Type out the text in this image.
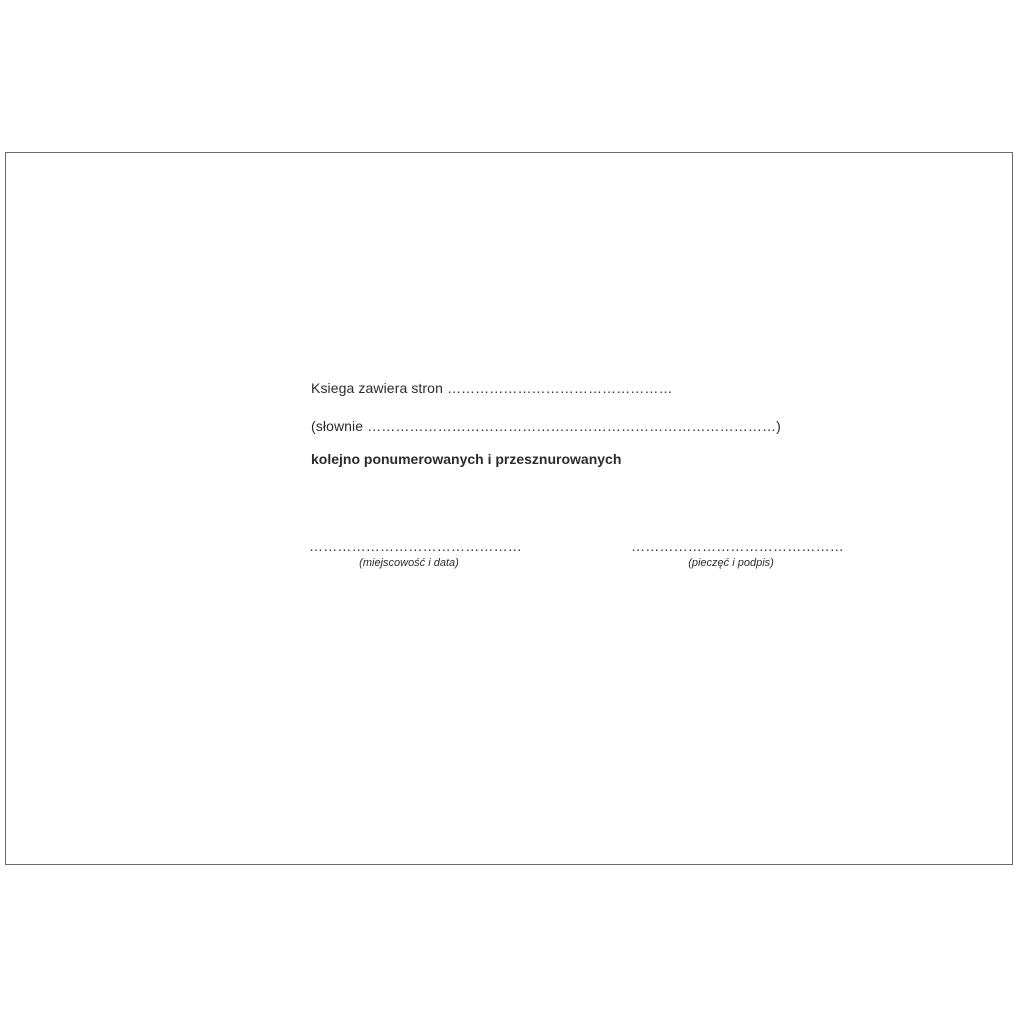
Ksiega zawiera stron …………………………………………
(słownie ……………………………………………………………………………)
kolejno ponumerowanych i przesznurowanych
………………………………………
(miejscowość i data)
………………………………………
(pieczęć i podpis)
